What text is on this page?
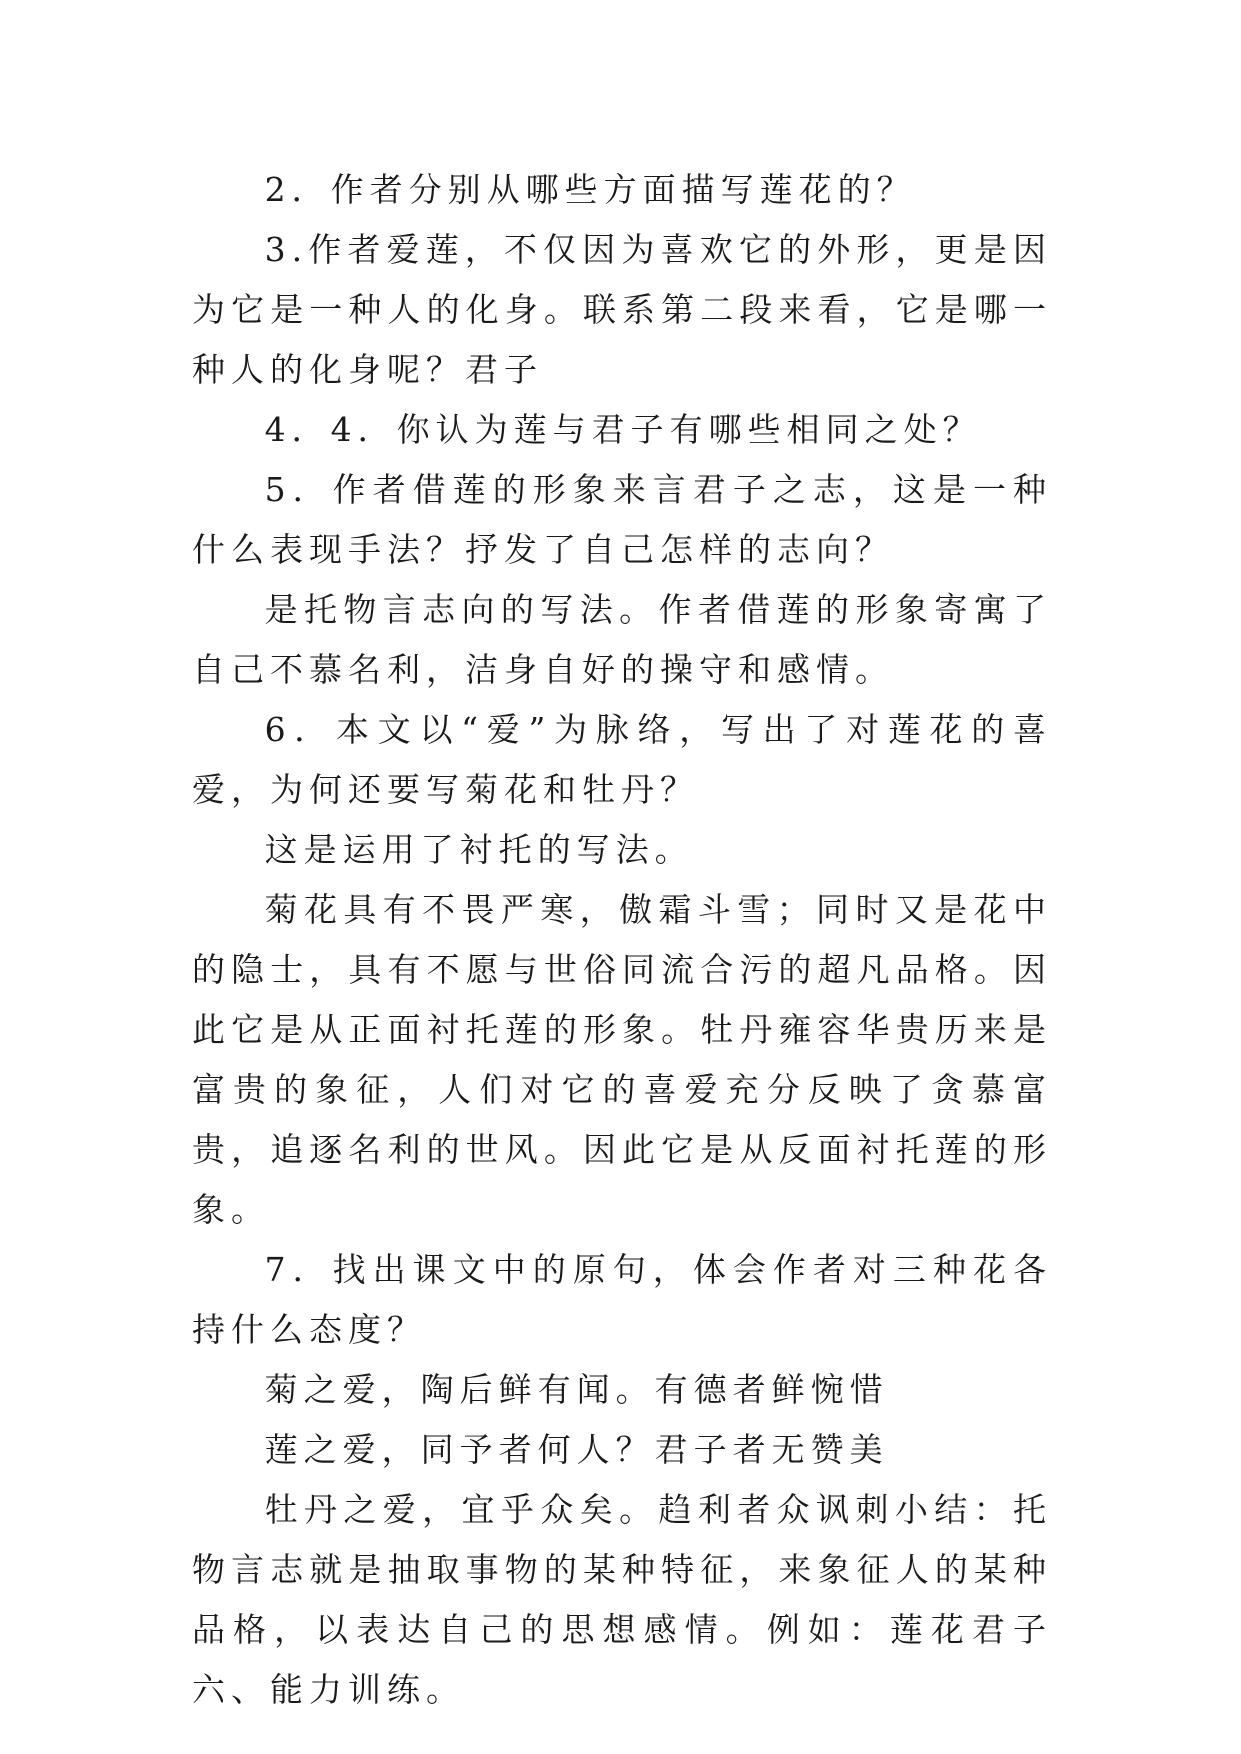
2．作者分别从哪些方面描写莲花的？

3.作者爱莲，不仅因为喜欢它的外形，更是因为它是一种人的化身。联系第二段来看，它是哪一种人的化身呢？君子

4．4．你认为莲与君子有哪些相同之处？

5．作者借莲的形象来言君子之志，这是一种什么表现手法？抒发了自己怎样的志向？

是托物言志向的写法。作者借莲的形象寄寓了自己不慕名利，洁身自好的操守和感情。

6．本文以“爱”为脉络，写出了对莲花的喜爱，为何还要写菊花和牡丹？

这是运用了衬托的写法。

菊花具有不畏严寒，傲霜斗雪；同时又是花中的隐士，具有不愿与世俗同流合污的超凡品格。因此它是从正面衬托莲的形象。牡丹雍容华贵历来是富贵的象征，人们对它的喜爱充分反映了贪慕富贵，追逐名利的世风。因此它是从反面衬托莲的形象。

7．找出课文中的原句，体会作者对三种花各持什么态度？

菊之爱，陶后鲜有闻。有德者鲜惋惜

莲之爱，同予者何人？君子者无赞美

牡丹之爱，宜乎众矣。趋利者众讽刺小结：托物言志就是抽取事物的某种特征，来象征人的某种品格，以表达自己的思想感情。例如：莲花君子六、能力训练。
